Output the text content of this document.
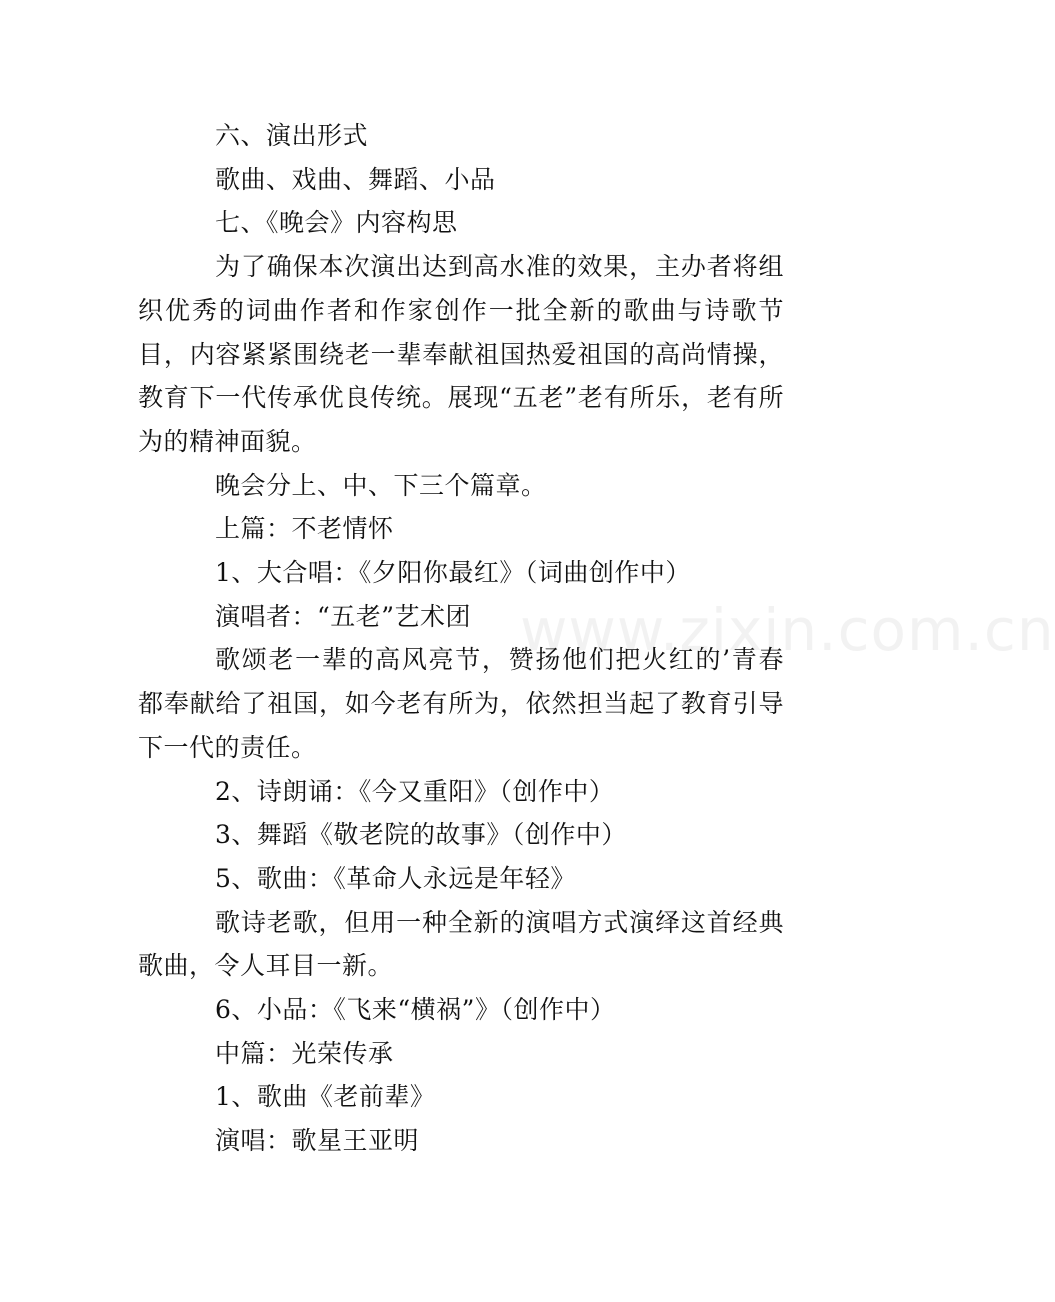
www.zixin.com.cn

六、演出形式

歌曲、戏曲、舞蹈、小品

七、《晚会》内容构思

为了确保本次演出达到高水准的效果，主办者将组织优秀的词曲作者和作家创作一批全新的歌曲与诗歌节目，内容紧紧围绕老一辈奉献祖国热爱祖国的高尚情操，教育下一代传承优良传统。展现“五老”老有所乐，老有所为的精神面貌。

晚会分上、中、下三个篇章。

上篇：不老情怀

1、大合唱：《夕阳你最红》（词曲创作中）

演唱者：“五老”艺术团

歌颂老一辈的高风亮节，赞扬他们把火红的’青春都奉献给了祖国，如今老有所为，依然担当起了教育引导下一代的责任。

2、诗朗诵：《今又重阳》（创作中）

3、舞蹈《敬老院的故事》（创作中）

5、歌曲：《革命人永远是年轻》

歌诗老歌，但用一种全新的演唱方式演绎这首经典歌曲，令人耳目一新。

6、小品：《飞来“横祸”》（创作中）

中篇：光荣传承

1、歌曲《老前辈》

演唱：歌星王亚明
